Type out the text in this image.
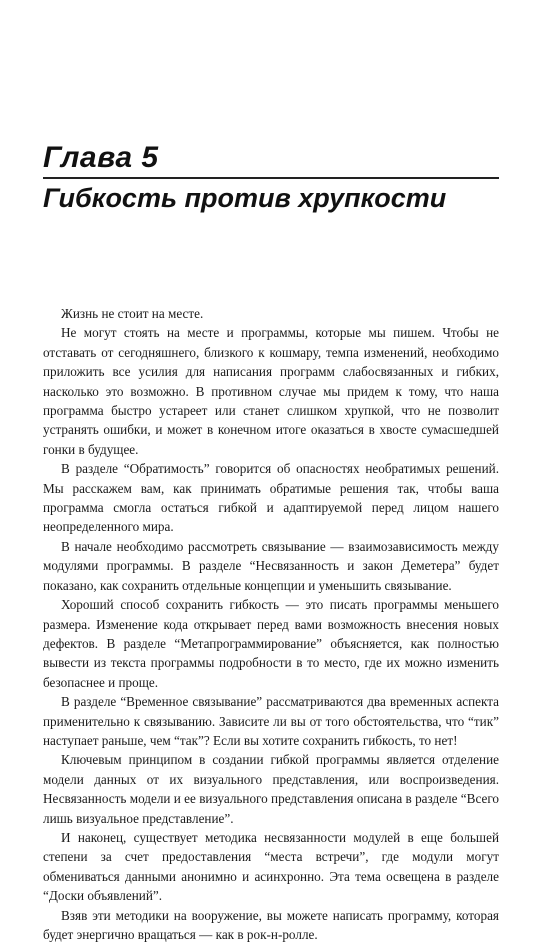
Глава 5
Гибкость против хрупкости

Жизнь не стоит на месте.

Не могут стоять на месте и программы, которые мы пишем. Чтобы не отставать от сегодняшнего, близкого к кошмару, темпа изменений, необходимо приложить все усилия для написания программ слабосвязанных и гибких, насколько это возможно. В противном случае мы придем к тому, что наша программа быстро устареет или станет слишком хрупкой, что не позволит устранять ошибки, и может в конечном итоге оказаться в хвосте сумасшедшей гонки в будущее.

В разделе “Обратимость” говорится об опасностях необратимых решений. Мы расскажем вам, как принимать обратимые решения так, чтобы ваша программа смогла остаться гибкой и адаптируемой перед лицом нашего неопределенного мира.

В начале необходимо рассмотреть связывание — взаимозависимость между модулями программы. В разделе “Несвязанность и закон Деметера” будет показано, как сохранить отдельные концепции и уменьшить связывание.

Хороший способ сохранить гибкость — это писать программы меньшего размера. Изменение кода открывает перед вами возможность внесения новых дефектов. В разделе “Метапрограммирование” объясняется, как полностью вывести из текста программы подробности в то место, где их можно изменить безопаснее и проще.

В разделе “Временное связывание” рассматриваются два временных аспекта применительно к связыванию. Зависите ли вы от того обстоятельства, что “тик” наступает раньше, чем “так”? Если вы хотите сохранить гибкость, то нет!

Ключевым принципом в создании гибкой программы является отделение модели данных от их визуального представления, или воспроизведения. Несвязанность модели и ее визуального представления описана в разделе “Всего лишь визуальное представление”.

И наконец, существует методика несвязанности модулей в еще большей степени за счет предоставления “места встречи”, где модули могут обмениваться данными анонимно и асинхронно. Эта тема освещена в разделе “Доски объявлений”.

Взяв эти методики на вооружение, вы можете написать программу, которая будет энергично вращаться — как в рок-н-ролле.
